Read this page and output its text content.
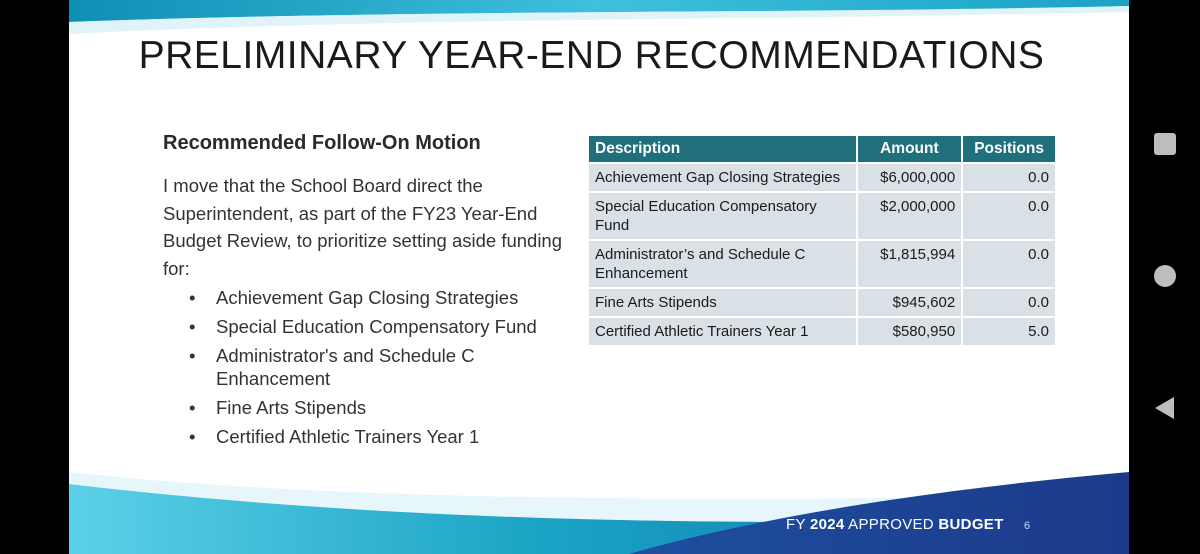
PRELIMINARY YEAR-END RECOMMENDATIONS
Recommended Follow-On Motion
I move that the School Board direct the Superintendent, as part of the FY23 Year-End Budget Review, to prioritize setting aside funding for:
• Achievement Gap Closing Strategies
• Special Education Compensatory Fund
• Administrator's and Schedule C Enhancement
• Fine Arts Stipends
• Certified Athletic Trainers Year 1
Description	Amount	Positions
Achievement Gap Closing Strategies	$6,000,000	0.0
Special Education Compensatory Fund	$2,000,000	0.0
Administrator’s and Schedule C Enhancement	$1,815,994	0.0
Fine Arts Stipends	$945,602	0.0
Certified Athletic Trainers Year 1	$580,950	5.0
FY 2024 APPROVED BUDGET 6
